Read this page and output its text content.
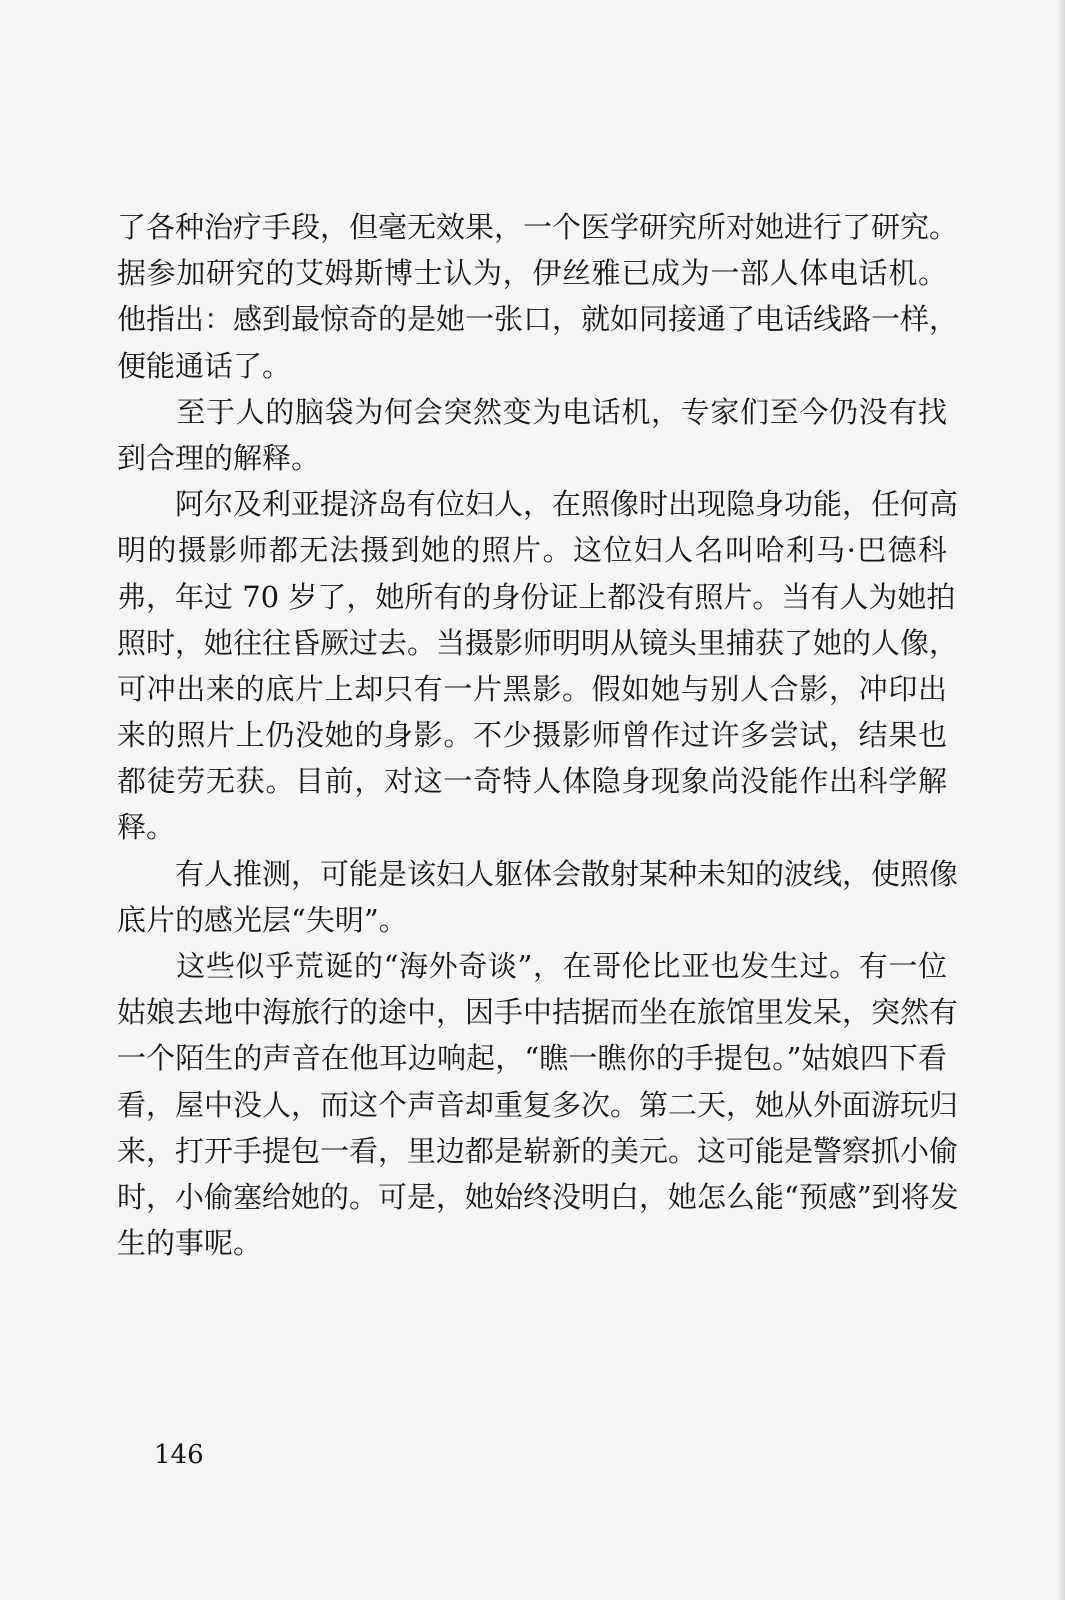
了各种治疗手段，但毫无效果，一个医学研究所对她进行了研究。
据参加研究的艾姆斯博士认为，伊丝雅已成为一部人体电话机。
他指出：感到最惊奇的是她一张口，就如同接通了电话线路一样，
便能通话了。
　　至于人的脑袋为何会突然变为电话机，专家们至今仍没有找
到合理的解释。
　　阿尔及利亚提济岛有位妇人，在照像时出现隐身功能，任何高
明的摄影师都无法摄到她的照片。这位妇人名叫哈利马·巴德科
弗，年过 70 岁了，她所有的身份证上都没有照片。当有人为她拍
照时，她往往昏厥过去。当摄影师明明从镜头里捕获了她的人像，
可冲出来的底片上却只有一片黑影。假如她与别人合影，冲印出
来的照片上仍没她的身影。不少摄影师曾作过许多尝试，结果也
都徒劳无获。目前，对这一奇特人体隐身现象尚没能作出科学解
释。
　　有人推测，可能是该妇人躯体会散射某种未知的波线，使照像
底片的感光层“失明”。
　　这些似乎荒诞的“海外奇谈”，在哥伦比亚也发生过。有一位
姑娘去地中海旅行的途中，因手中拮据而坐在旅馆里发呆，突然有
一个陌生的声音在他耳边响起，“瞧一瞧你的手提包。”姑娘四下看
看，屋中没人，而这个声音却重复多次。第二天，她从外面游玩归
来，打开手提包一看，里边都是崭新的美元。这可能是警察抓小偷
时，小偷塞给她的。可是，她始终没明白，她怎么能“预感”到将发
生的事呢。
146
